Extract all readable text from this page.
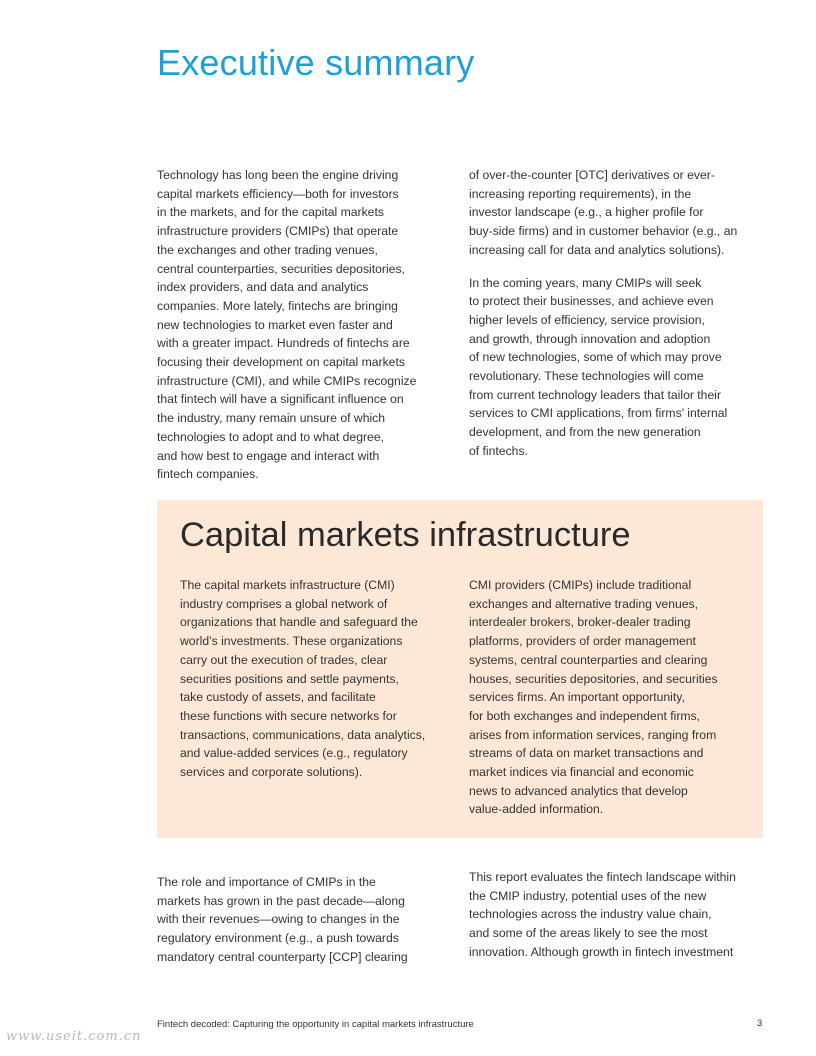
Executive summary

Technology has long been the engine driving
capital markets efficiency—both for investors
in the markets, and for the capital markets
infrastructure providers (CMIPs) that operate
the exchanges and other trading venues,
central counterparties, securities depositories,
index providers, and data and analytics
companies. More lately, fintechs are bringing
new technologies to market even faster and
with a greater impact. Hundreds of fintechs are
focusing their development on capital markets
infrastructure (CMI), and while CMIPs recognize
that fintech will have a significant influence on
the industry, many remain unsure of which
technologies to adopt and to what degree,
and how best to engage and interact with
fintech companies.

of over-the-counter [OTC] derivatives or ever-
increasing reporting requirements), in the
investor landscape (e.g., a higher profile for
buy-side firms) and in customer behavior (e.g., an
increasing call for data and analytics solutions).

In the coming years, many CMIPs will seek
to protect their businesses, and achieve even
higher levels of efficiency, service provision,
and growth, through innovation and adoption
of new technologies, some of which may prove
revolutionary. These technologies will come
from current technology leaders that tailor their
services to CMI applications, from firms’ internal
development, and from the new generation
of fintechs.

Capital markets infrastructure

The capital markets infrastructure (CMI)
industry comprises a global network of
organizations that handle and safeguard the
world’s investments. These organizations
carry out the execution of trades, clear
securities positions and settle payments,
take custody of assets, and facilitate
these functions with secure networks for
transactions, communications, data analytics,
and value-added services (e.g., regulatory
services and corporate solutions).

CMI providers (CMIPs) include traditional
exchanges and alternative trading venues,
interdealer brokers, broker-dealer trading
platforms, providers of order management
systems, central counterparties and clearing
houses, securities depositories, and securities
services firms. An important opportunity,
for both exchanges and independent firms,
arises from information services, ranging from
streams of data on market transactions and
market indices via financial and economic
news to advanced analytics that develop
value-added information.

The role and importance of CMIPs in the
markets has grown in the past decade—along
with their revenues—owing to changes in the
regulatory environment (e.g., a push towards
mandatory central counterparty [CCP] clearing

This report evaluates the fintech landscape within
the CMIP industry, potential uses of the new
technologies across the industry value chain,
and some of the areas likely to see the most
innovation. Although growth in fintech investment

Fintech decoded: Capturing the opportunity in capital markets infrastructure	3
www.useit.com.cn
